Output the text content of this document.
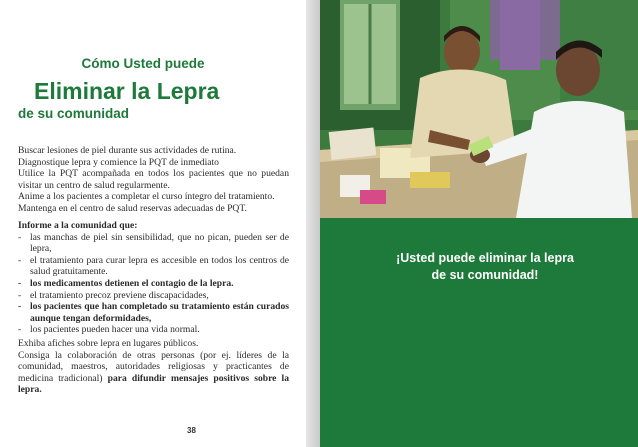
Cómo Usted puede
Eliminar la Lepra
de su comunidad

Buscar lesiones de piel durante sus actividades de rutina.

Diagnostique lepra y comience la PQT de inmediato

Utilice la PQT acompañada en todos los pacientes que no puedan visitar un centro de salud regularmente.

Anime a los pacientes a completar el curso íntegro del tratamiento.

Mantenga en el centro de salud reservas adecuadas de PQT.

Informe a la comunidad que:

- las manchas de piel sin sensibilidad, que no pican, pueden ser de lepra,
- el tratamiento para curar lepra es accesible en todos los centros de salud gratuitamente.
- los medicamentos detienen el contagio de la lepra.
- el tratamiento precoz previene discapacidades,
- los pacientes que han completado su tratamiento están curados aunque tengan deformidades,
- los pacientes pueden hacer una vida normal.

Exhiba afiches sobre lepra en lugares públicos.

Consiga la colaboración de otras personas (por ej. líderes de la comunidad, maestros, autoridades religiosas y practicantes de medicina tradicional) para difundir mensajes positivos sobre la lepra.

38
¡Usted puede eliminar la lepra
de su comunidad!
